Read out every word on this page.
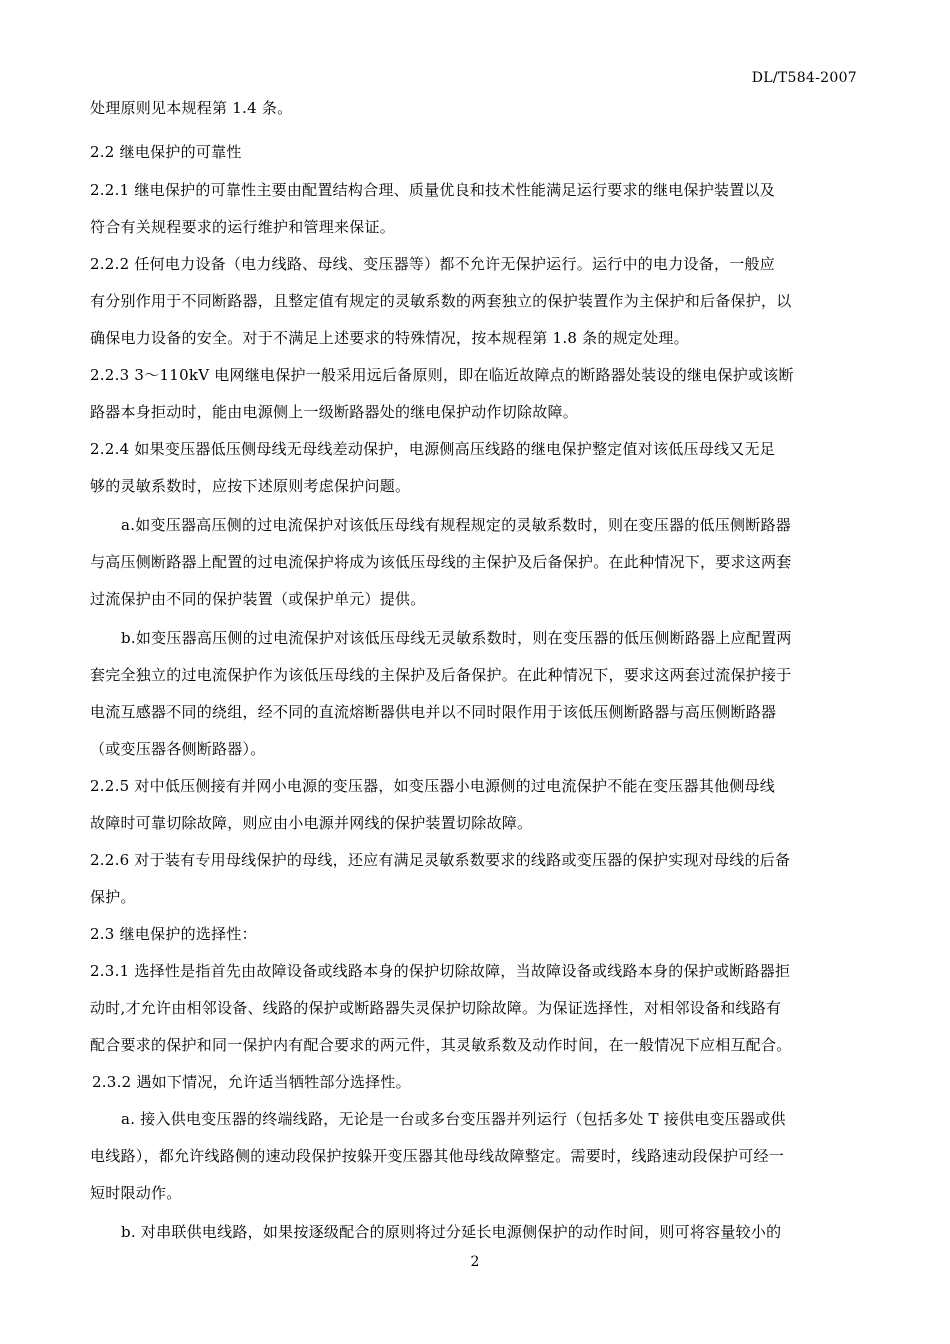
DL/T584-2007
处理原则见本规程第 1.4 条。
2.2 继电保护的可靠性
2.2.1 继电保护的可靠性主要由配置结构合理、质量优良和技术性能满足运行要求的继电保护装置以及
符合有关规程要求的运行维护和管理来保证。
2.2.2 任何电力设备（电力线路、母线、变压器等）都不允许无保护运行。运行中的电力设备，一般应
有分别作用于不同断路器，且整定值有规定的灵敏系数的两套独立的保护装置作为主保护和后备保护，以
确保电力设备的安全。对于不满足上述要求的特殊情况，按本规程第 1.8 条的规定处理。
2.2.3 3～110kV 电网继电保护一般采用远后备原则，即在临近故障点的断路器处装设的继电保护或该断
路器本身拒动时，能由电源侧上一级断路器处的继电保护动作切除故障。
2.2.4 如果变压器低压侧母线无母线差动保护，电源侧高压线路的继电保护整定值对该低压母线又无足
够的灵敏系数时，应按下述原则考虑保护问题。
a.如变压器高压侧的过电流保护对该低压母线有规程规定的灵敏系数时，则在变压器的低压侧断路器
与高压侧断路器上配置的过电流保护将成为该低压母线的主保护及后备保护。在此种情况下，要求这两套
过流保护由不同的保护装置（或保护单元）提供。
b.如变压器高压侧的过电流保护对该低压母线无灵敏系数时，则在变压器的低压侧断路器上应配置两
套完全独立的过电流保护作为该低压母线的主保护及后备保护。在此种情况下，要求这两套过流保护接于
电流互感器不同的绕组，经不同的直流熔断器供电并以不同时限作用于该低压侧断路器与高压侧断路器
（或变压器各侧断路器）。
2.2.5 对中低压侧接有并网小电源的变压器，如变压器小电源侧的过电流保护不能在变压器其他侧母线
故障时可靠切除故障，则应由小电源并网线的保护装置切除故障。
2.2.6 对于装有专用母线保护的母线，还应有满足灵敏系数要求的线路或变压器的保护实现对母线的后备
保护。
2.3 继电保护的选择性：
2.3.1 选择性是指首先由故障设备或线路本身的保护切除故障，当故障设备或线路本身的保护或断路器拒
动时,才允许由相邻设备、线路的保护或断路器失灵保护切除故障。为保证选择性，对相邻设备和线路有
配合要求的保护和同一保护内有配合要求的两元件，其灵敏系数及动作时间，在一般情况下应相互配合。
2.3.2 遇如下情况，允许适当牺牲部分选择性。
a. 接入供电变压器的终端线路，无论是一台或多台变压器并列运行（包括多处 T 接供电变压器或供
电线路），都允许线路侧的速动段保护按躲开变压器其他母线故障整定。需要时，线路速动段保护可经一
短时限动作。
b. 对串联供电线路，如果按逐级配合的原则将过分延长电源侧保护的动作时间，则可将容量较小的
2
